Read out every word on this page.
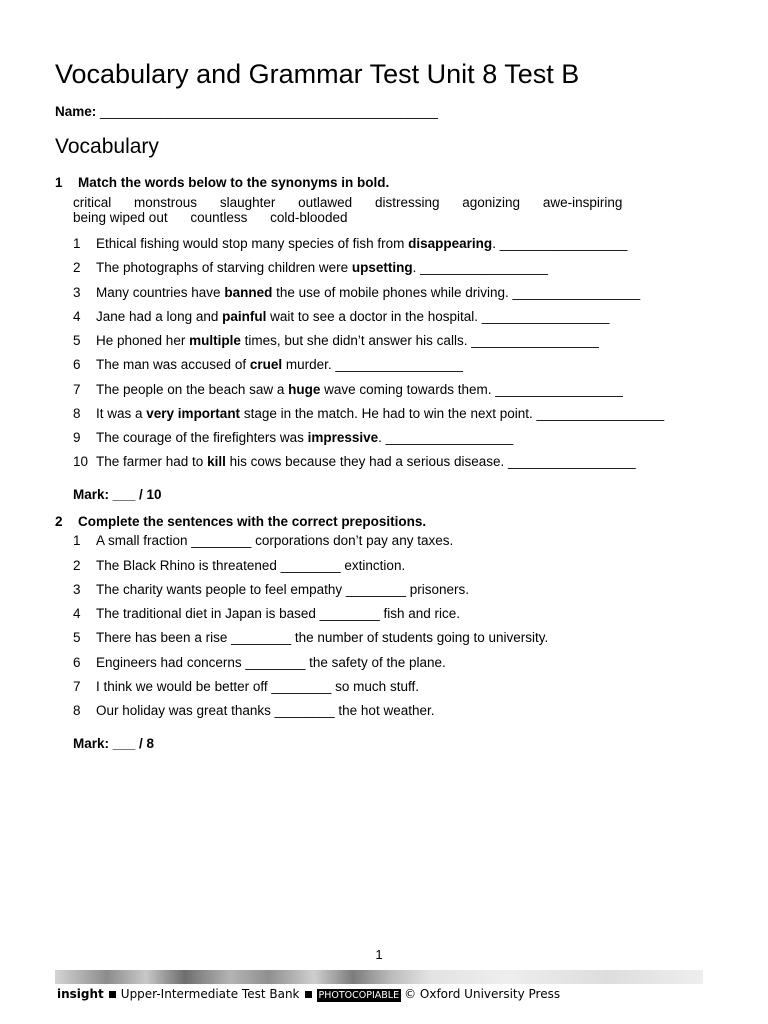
Vocabulary and Grammar Test Unit 8 Test B
Name: _____________________________________________
Vocabulary
1 Match the words below to the synonyms in bold.
critical monstrous slaughter outlawed distressing agonizing awe-inspiring
being wiped out countless cold-blooded
1 Ethical fishing would stop many species of fish from disappearing. _________________
2 The photographs of starving children were upsetting. _________________
3 Many countries have banned the use of mobile phones while driving. _________________
4 Jane had a long and painful wait to see a doctor in the hospital. _________________
5 He phoned her multiple times, but she didn’t answer his calls. _________________
6 The man was accused of cruel murder. _________________
7 The people on the beach saw a huge wave coming towards them. _________________
8 It was a very important stage in the match. He had to win the next point. _________________
9 The courage of the firefighters was impressive. _________________
10 The farmer had to kill his cows because they had a serious disease. _________________
Mark: ___ / 10
2 Complete the sentences with the correct prepositions.
1 A small fraction ________ corporations don’t pay any taxes.
2 The Black Rhino is threatened ________ extinction.
3 The charity wants people to feel empathy ________ prisoners.
4 The traditional diet in Japan is based ________ fish and rice.
5 There has been a rise ________ the number of students going to university.
6 Engineers had concerns ________ the safety of the plane.
7 I think we would be better off ________ so much stuff.
8 Our holiday was great thanks ________ the hot weather.
Mark: ___ / 8
1
insight Upper-Intermediate Test Bank PHOTOCOPIABLE © Oxford University Press
